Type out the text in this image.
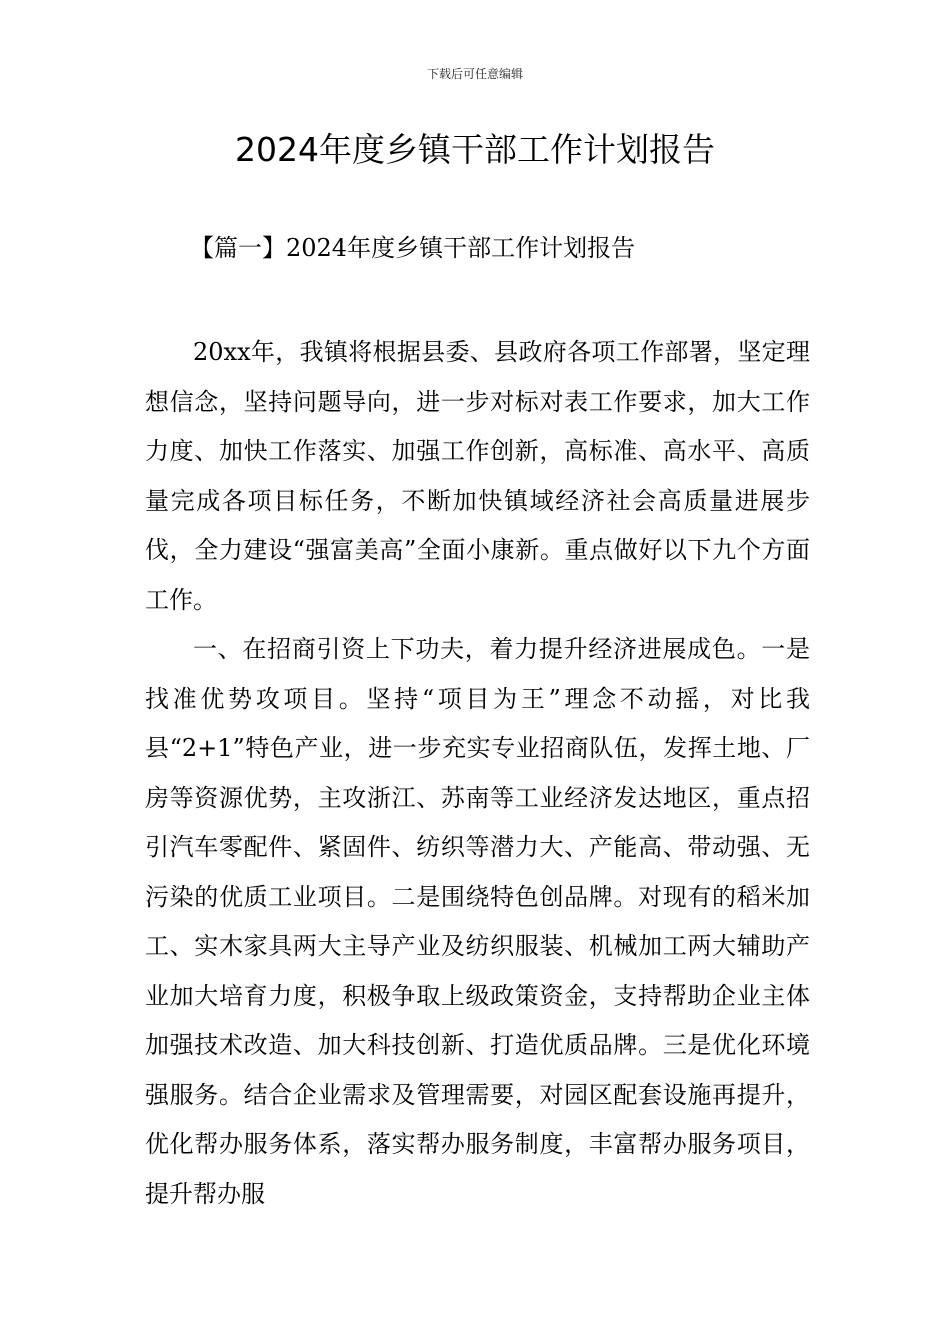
下载后可任意编辑
2024年度乡镇干部工作计划报告
【篇一】2024年度乡镇干部工作计划报告

20xx年，我镇将根据县委、县政府各项工作部署，坚定理想信念，坚持问题导向，进一步对标对表工作要求，加大工作力度、加快工作落实、加强工作创新，高标准、高水平、高质量完成各项目标任务，不断加快镇域经济社会高质量进展步伐，全力建设“强富美高”全面小康新。重点做好以下九个方面工作。

一、在招商引资上下功夫，着力提升经济进展成色。一是找准优势攻项目。坚持“项目为王”理念不动摇，对比我县“2+1”特色产业，进一步充实专业招商队伍，发挥土地、厂房等资源优势，主攻浙江、苏南等工业经济发达地区，重点招引汽车零配件、紧固件、纺织等潜力大、产能高、带动强、无污染的优质工业项目。二是围绕特色创品牌。对现有的稻米加工、实木家具两大主导产业及纺织服装、机械加工两大辅助产业加大培育力度，积极争取上级政策资金，支持帮助企业主体加强技术改造、加大科技创新、打造优质品牌。三是优化环境强服务。结合企业需求及管理需要，对园区配套设施再提升，优化帮办服务体系，落实帮办服务制度，丰富帮办服务项目，提升帮办服
